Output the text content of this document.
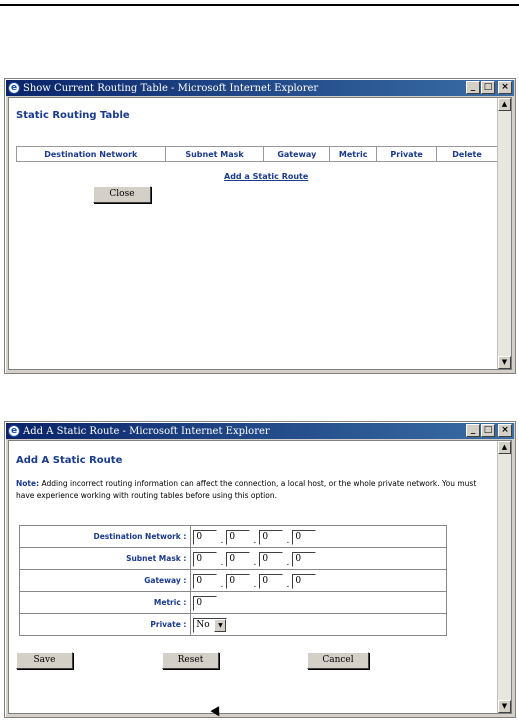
e Show Current Routing Table - Microsoft Internet Explorer	_ □ ×
Static Routing Table
Destination Network	Subnet Mask	Gateway	Metric	Private	Delete
Add a Static Route
Close
▲
▼
e Add A Static Route - Microsoft Internet Explorer	_ □ ×
Add A Static Route
Note: Adding incorrect routing information can affect the connection, a local host, or the whole private network. You must have experience working with routing tables before using this option.
Destination Network :	0 . 0 . 0 . 0
Subnet Mask :	0 . 0 . 0 . 0
Gateway :	0 . 0 . 0 . 0
Metric :	0
Private :	No ▼
Save	Reset	Cancel
▲
▼
